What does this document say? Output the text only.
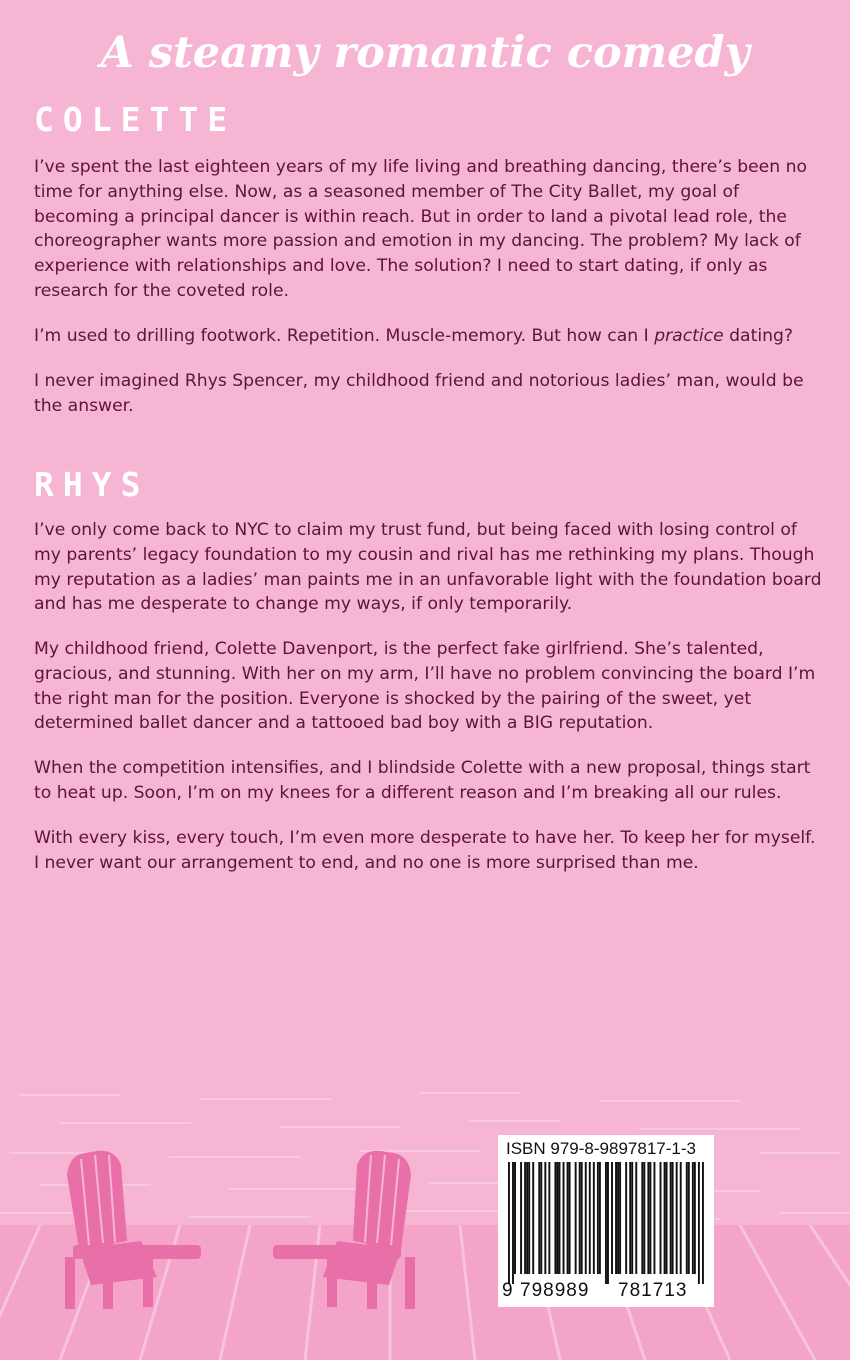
A steamy romantic comedy
COLETTE

I’ve spent the last eighteen years of my life living and breathing dancing, there’s been no time for anything else. Now, as a seasoned member of The City Ballet, my goal of becoming a principal dancer is within reach. But in order to land a pivotal lead role, the choreographer wants more passion and emotion in my dancing. The problem? My lack of experience with relationships and love. The solution? I need to start dating, if only as research for the coveted role.

I’m used to drilling footwork. Repetition. Muscle-memory. But how can I practice dating?

I never imagined Rhys Spencer, my childhood friend and notorious ladies’ man, would be the answer.

RHYS

I’ve only come back to NYC to claim my trust fund, but being faced with losing control of my parents’ legacy foundation to my cousin and rival has me rethinking my plans. Though my reputation as a ladies’ man paints me in an unfavorable light with the foundation board and has me desperate to change my ways, if only temporarily.

My childhood friend, Colette Davenport, is the perfect fake girlfriend. She’s talented, gracious, and stunning. With her on my arm, I’ll have no problem convincing the board I’m the right man for the position. Everyone is shocked by the pairing of the sweet, yet determined ballet dancer and a tattooed bad boy with a BIG reputation.

When the competition intensifies, and I blindside Colette with a new proposal, things start to heat up. Soon, I’m on my knees for a different reason and I’m breaking all our rules.

With every kiss, every touch, I’m even more desperate to have her. To keep her for myself. I never want our arrangement to end, and no one is more surprised than me.

ISBN 979-8-9897817-1-3
9 798989 781713
